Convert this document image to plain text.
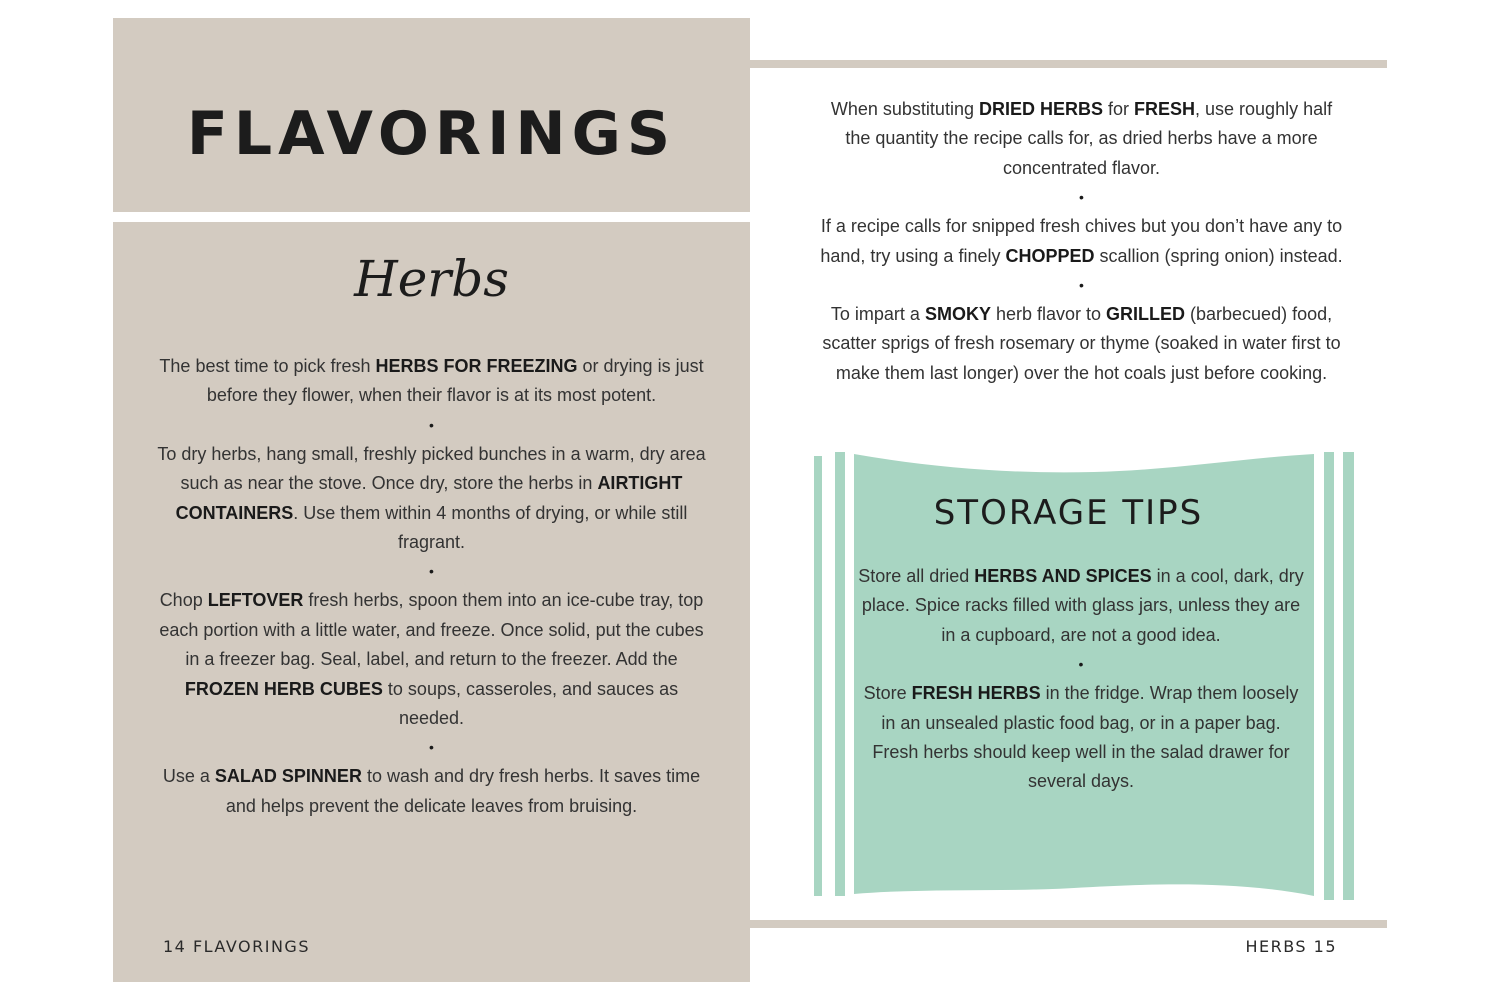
FLAVORINGS
Herbs

The best time to pick fresh HERBS FOR FREEZING or drying is just before they flower, when their flavor is at its most potent.

•

To dry herbs, hang small, freshly picked bunches in a warm, dry area such as near the stove. Once dry, store the herbs in AIRTIGHT CONTAINERS. Use them within 4 months of drying, or while still fragrant.

•

Chop LEFTOVER fresh herbs, spoon them into an ice-cube tray, top each portion with a little water, and freeze. Once solid, put the cubes in a freezer bag. Seal, label, and return to the freezer. Add the FROZEN HERB CUBES to soups, casseroles, and sauces as needed.

•

Use a SALAD SPINNER to wash and dry fresh herbs. It saves time and helps prevent the delicate leaves from bruising.

14 FLAVORINGS

When substituting DRIED HERBS for FRESH, use roughly half the quantity the recipe calls for, as dried herbs have a more concentrated flavor.

•

If a recipe calls for snipped fresh chives but you don’t have any to hand, try using a finely CHOPPED scallion (spring onion) instead.

•

To impart a SMOKY herb flavor to GRILLED (barbecued) food, scatter sprigs of fresh rosemary or thyme (soaked in water first to make them last longer) over the hot coals just before cooking.

STORAGE TIPS

Store all dried HERBS AND SPICES in a cool, dark, dry place. Spice racks filled with glass jars, unless they are in a cupboard, are not a good idea.

•

Store FRESH HERBS in the fridge. Wrap them loosely in an unsealed plastic food bag, or in a paper bag. Fresh herbs should keep well in the salad drawer for several days.

HERBS 15
